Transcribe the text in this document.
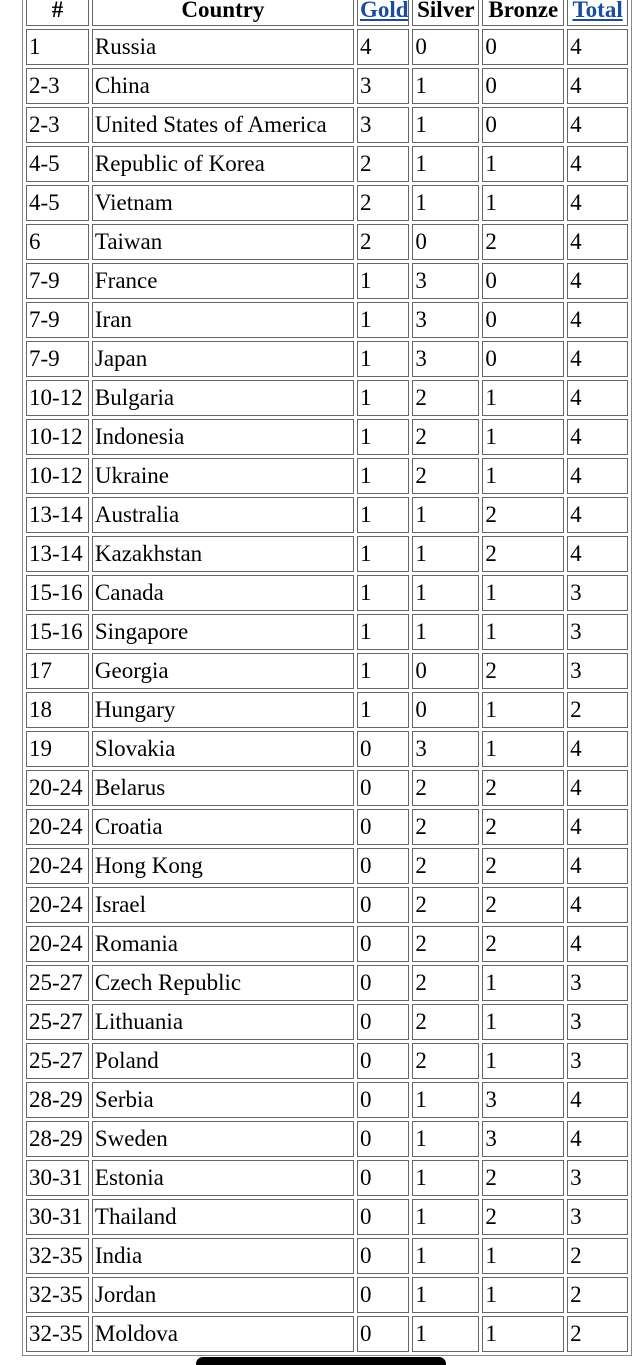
#	Country	Gold	Silver	Bronze	Total
1	Russia	4	0	0	4
2-3	China	3	1	0	4
2-3	United States of America	3	1	0	4
4-5	Republic of Korea	2	1	1	4
4-5	Vietnam	2	1	1	4
6	Taiwan	2	0	2	4
7-9	France	1	3	0	4
7-9	Iran	1	3	0	4
7-9	Japan	1	3	0	4
10-12	Bulgaria	1	2	1	4
10-12	Indonesia	1	2	1	4
10-12	Ukraine	1	2	1	4
13-14	Australia	1	1	2	4
13-14	Kazakhstan	1	1	2	4
15-16	Canada	1	1	1	3
15-16	Singapore	1	1	1	3
17	Georgia	1	0	2	3
18	Hungary	1	0	1	2
19	Slovakia	0	3	1	4
20-24	Belarus	0	2	2	4
20-24	Croatia	0	2	2	4
20-24	Hong Kong	0	2	2	4
20-24	Israel	0	2	2	4
20-24	Romania	0	2	2	4
25-27	Czech Republic	0	2	1	3
25-27	Lithuania	0	2	1	3
25-27	Poland	0	2	1	3
28-29	Serbia	0	1	3	4
28-29	Sweden	0	1	3	4
30-31	Estonia	0	1	2	3
30-31	Thailand	0	1	2	3
32-35	India	0	1	1	2
32-35	Jordan	0	1	1	2
32-35	Moldova	0	1	1	2
